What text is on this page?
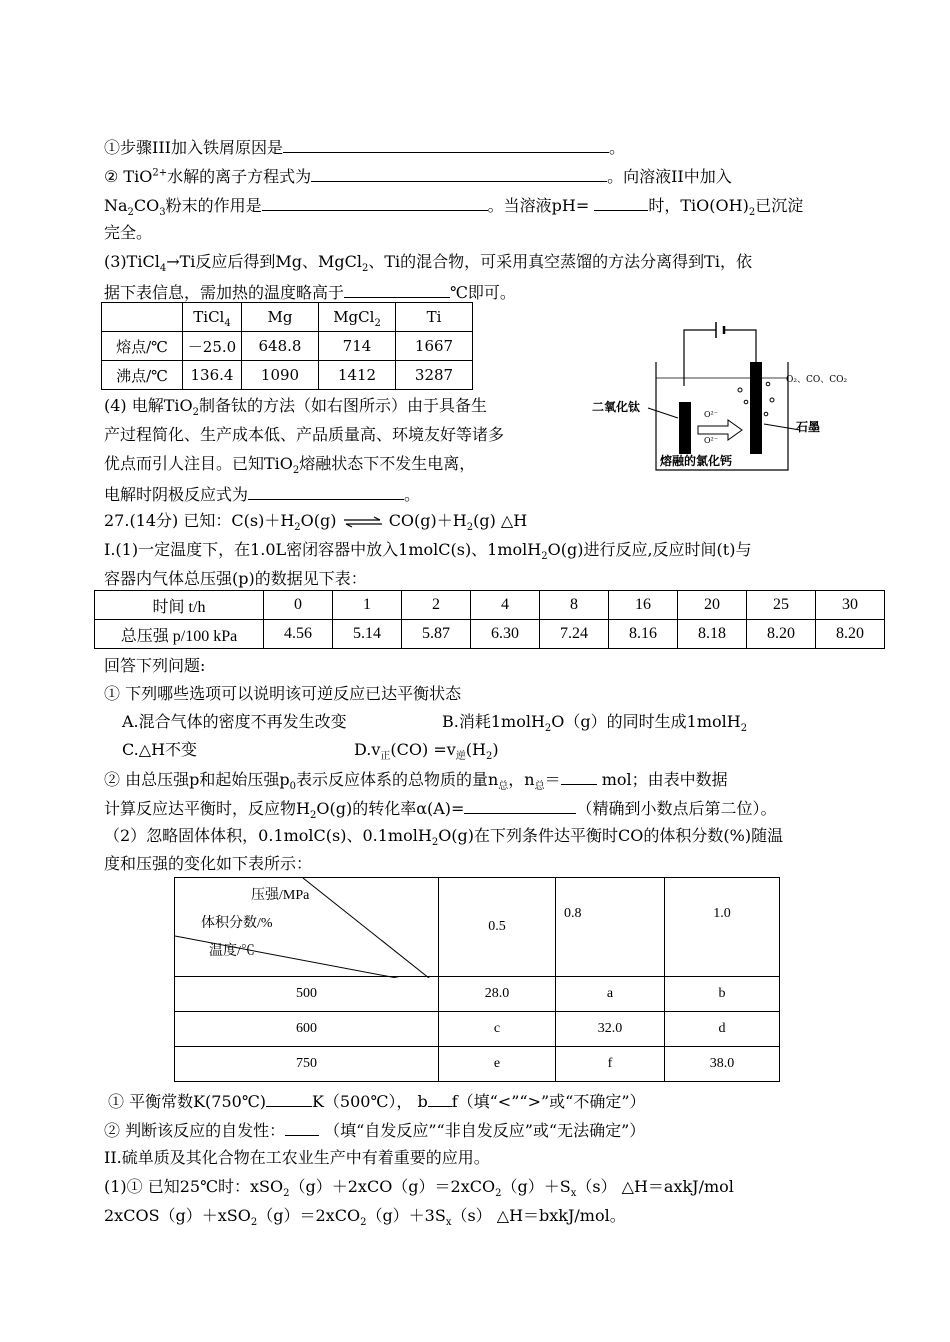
①步骤III加入铁屑原因是	。
② TiO$^{2+}$水解的离子方程式为	。向溶液II中加入
$Na_2CO_3$粉末的作用是	。当溶液pH=	时，$TiO(OH)_2$已沉淀
完全。
(3)TiCl$_4$→Ti反应后得到Mg、MgCl$_2$、Ti的混合物，可采用真空蒸馏的方法分离得到Ti，依
据下表信息，需加热的温度略高于	℃即可。
	TiCl$_4$	Mg	MgCl$_2$	Ti
熔点/℃	－25.0	648.8	714	1667
沸点/℃	136.4	1090	1412	3287	O₂、CO、CO₂
二氧化钛
石墨
O²⁻
O²⁻
熔融的氯化钙
(4) 电解TiO$_2$制备钛的方法（如右图所示）由于具备生
产过程简化、生产成本低、产品质量高、环境友好等诸多
优点而引人注目。已知TiO$_2$熔融状态下不发生电离，
电解时阴极反应式为	。
27.(14分) 已知：$C(s)+H_2O(g)$ ⇌ $CO(g)+H_2(g)$ △H
I.(1)一定温度下，在1.0L密闭容器中放入1molC(s)、1molH$_2$O(g)进行反应,反应时间(t)与
容器内气体总压强(p)的数据见下表：
时间 t/h	0	1	2	4	8	16	20	25	30
总压强 p/100 kPa	4.56	5.14	5.87	6.30	7.24	8.16	8.18	8.20	8.20
回答下列问题:
① 下列哪些选项可以说明该可逆反应已达平衡状态
A.混合气体的密度不再发生改变	B.消耗1molH$_2$O（g）的同时生成1molH$_2$
C.△H不变	$D.v_正(CO) =v_逆(H_2)$
② 由总压强p和起始压强$p_0$表示反应体系的总物质的量$n_总$，$n_总=$	mol；由表中数据
计算反应达平衡时，反应物$H_2O(g)$的转化率α(A)=	（精确到小数点后第二位）。
（2）忽略固体体积，0.1molC(s)、0.1molH$_2$O(g)在下列条件达平衡时CO的体积分数(%)随温
度和压强的变化如下表所示：
压强/MPa
体积分数/%
温度/℃	0.5	0.8	1.0
500	28.0	a	b
600	c	32.0	d
750	e	f	38.0
① 平衡常数K(750℃)	K（500℃）， b f（填“<”“>”或“不确定”）
② 判断该反应的自发性： （填“自发反应”“非自发反应”或“无法确定”）
II.硫单质及其化合物在工农业生产中有着重要的应用。
(1)① 已知25℃时：$xSO_2(g)+2xCO(g)=2xCO_2(g)+S_x(s)$ △H＝axkJ/mol
$2xCOS(g)+xSO_2(g)=2xCO_2(g)+3S_x(s)$ △H＝bxkJ/mol。
